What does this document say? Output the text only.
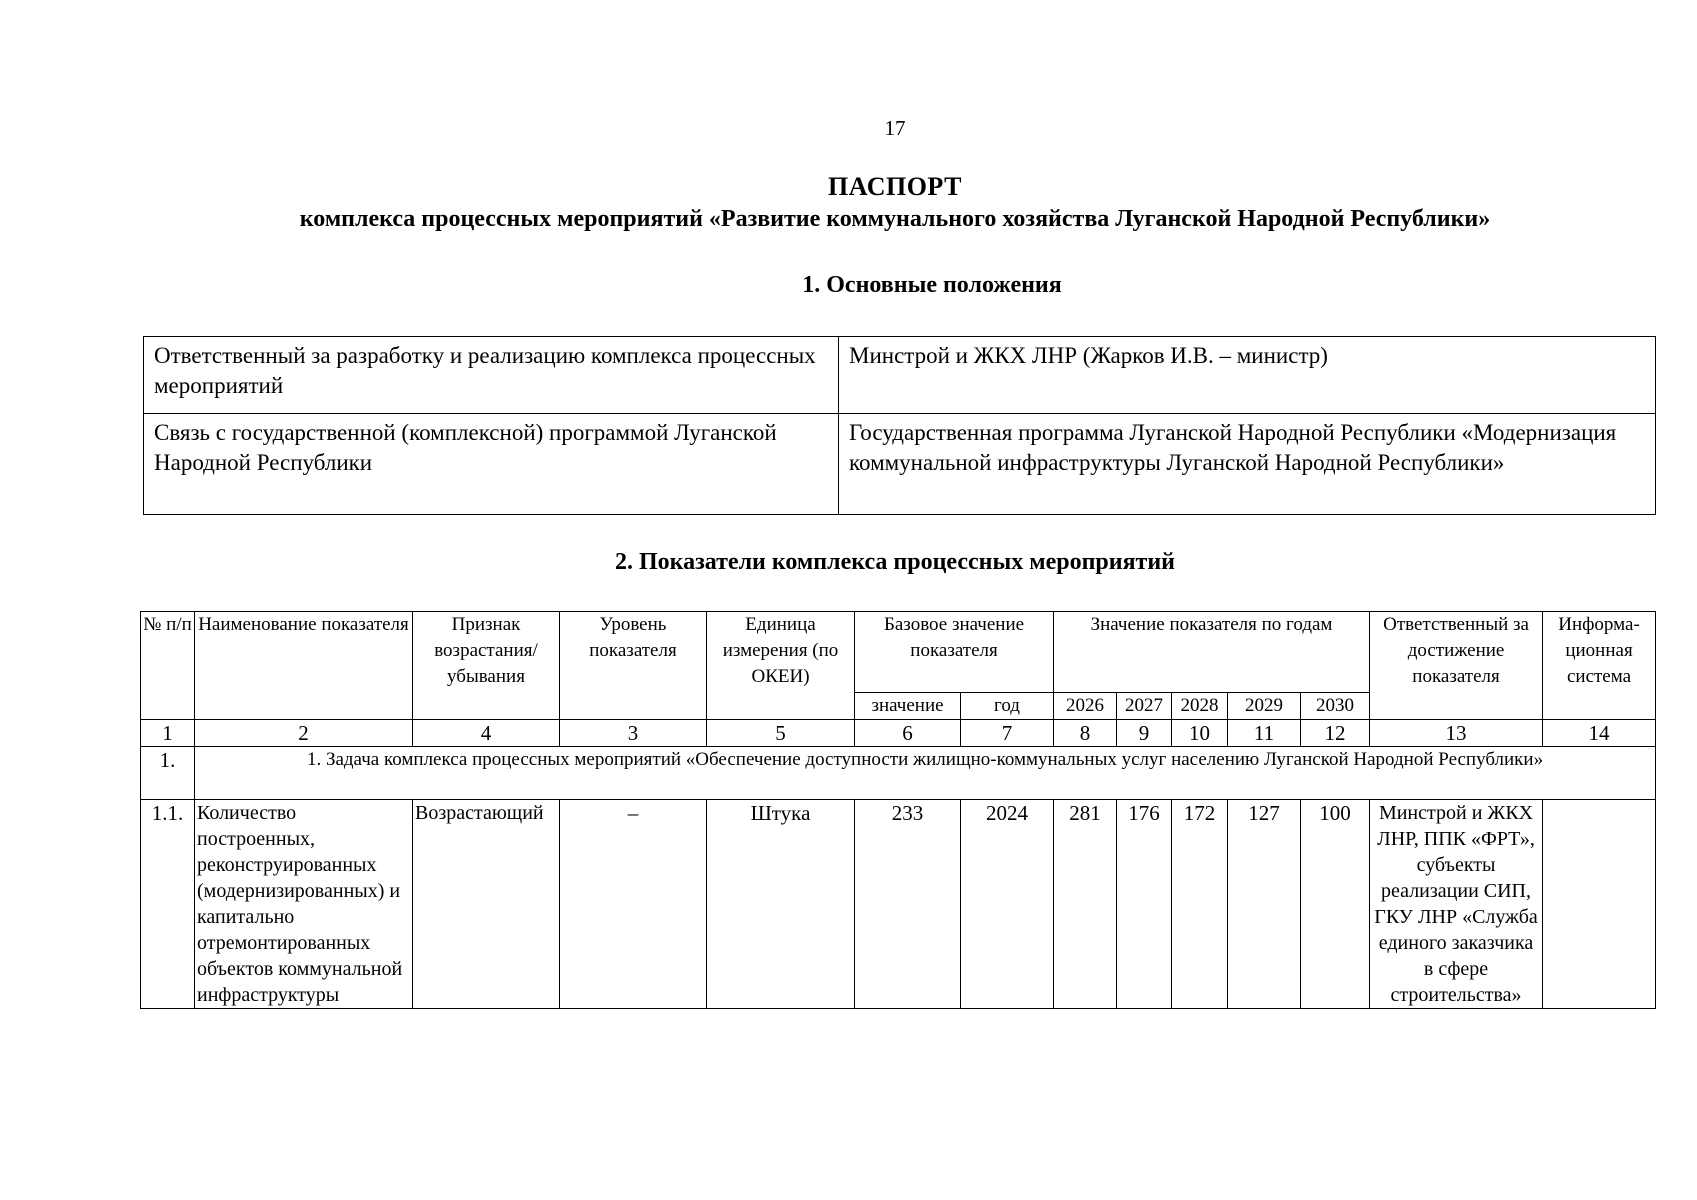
17
ПАСПОРТ
комплекса процессных мероприятий «Развитие коммунального хозяйства Луганской Народной Республики»
1. Основные положения
Ответственный за разработку и реализацию комплекса процессных мероприятий	Минстрой и ЖКХ ЛНР (Жарков И.В. – министр)
Связь с государственной (комплексной) программой Луганской Народной Республики	Государственная программа Луганской Народной Республики «Модернизация коммунальной инфраструктуры Луганской Народной Республики»
2. Показатели комплекса процессных мероприятий
№ п/п	Наименование показателя	Признак возрастания/ убывания	Уровень показателя	Единица измерения (по ОКЕИ)	Базовое значение показателя		Значение показателя по годам					Ответственный за достижение показателя	Информа-ционная система
					значение	год	2026	2027	2028	2029	2030		
1	2	4	3	5	6	7	8	9	10	11	12	13	14
1.	1. Задача комплекса процессных мероприятий «Обеспечение доступности жилищно-коммунальных услуг населению Луганской Народной Республики»												
1.1.	Количество построенных, реконструированных (модернизированных) и капитально отремонтированных объектов коммунальной инфраструктуры	Возрастающий	–	Штука	233	2024	281	176	172	127	100	Минстрой и ЖКХ ЛНР, ППК «ФРТ», субъекты реализации СИП, ГКУ ЛНР «Служба единого заказчика в сфере строительства»	
